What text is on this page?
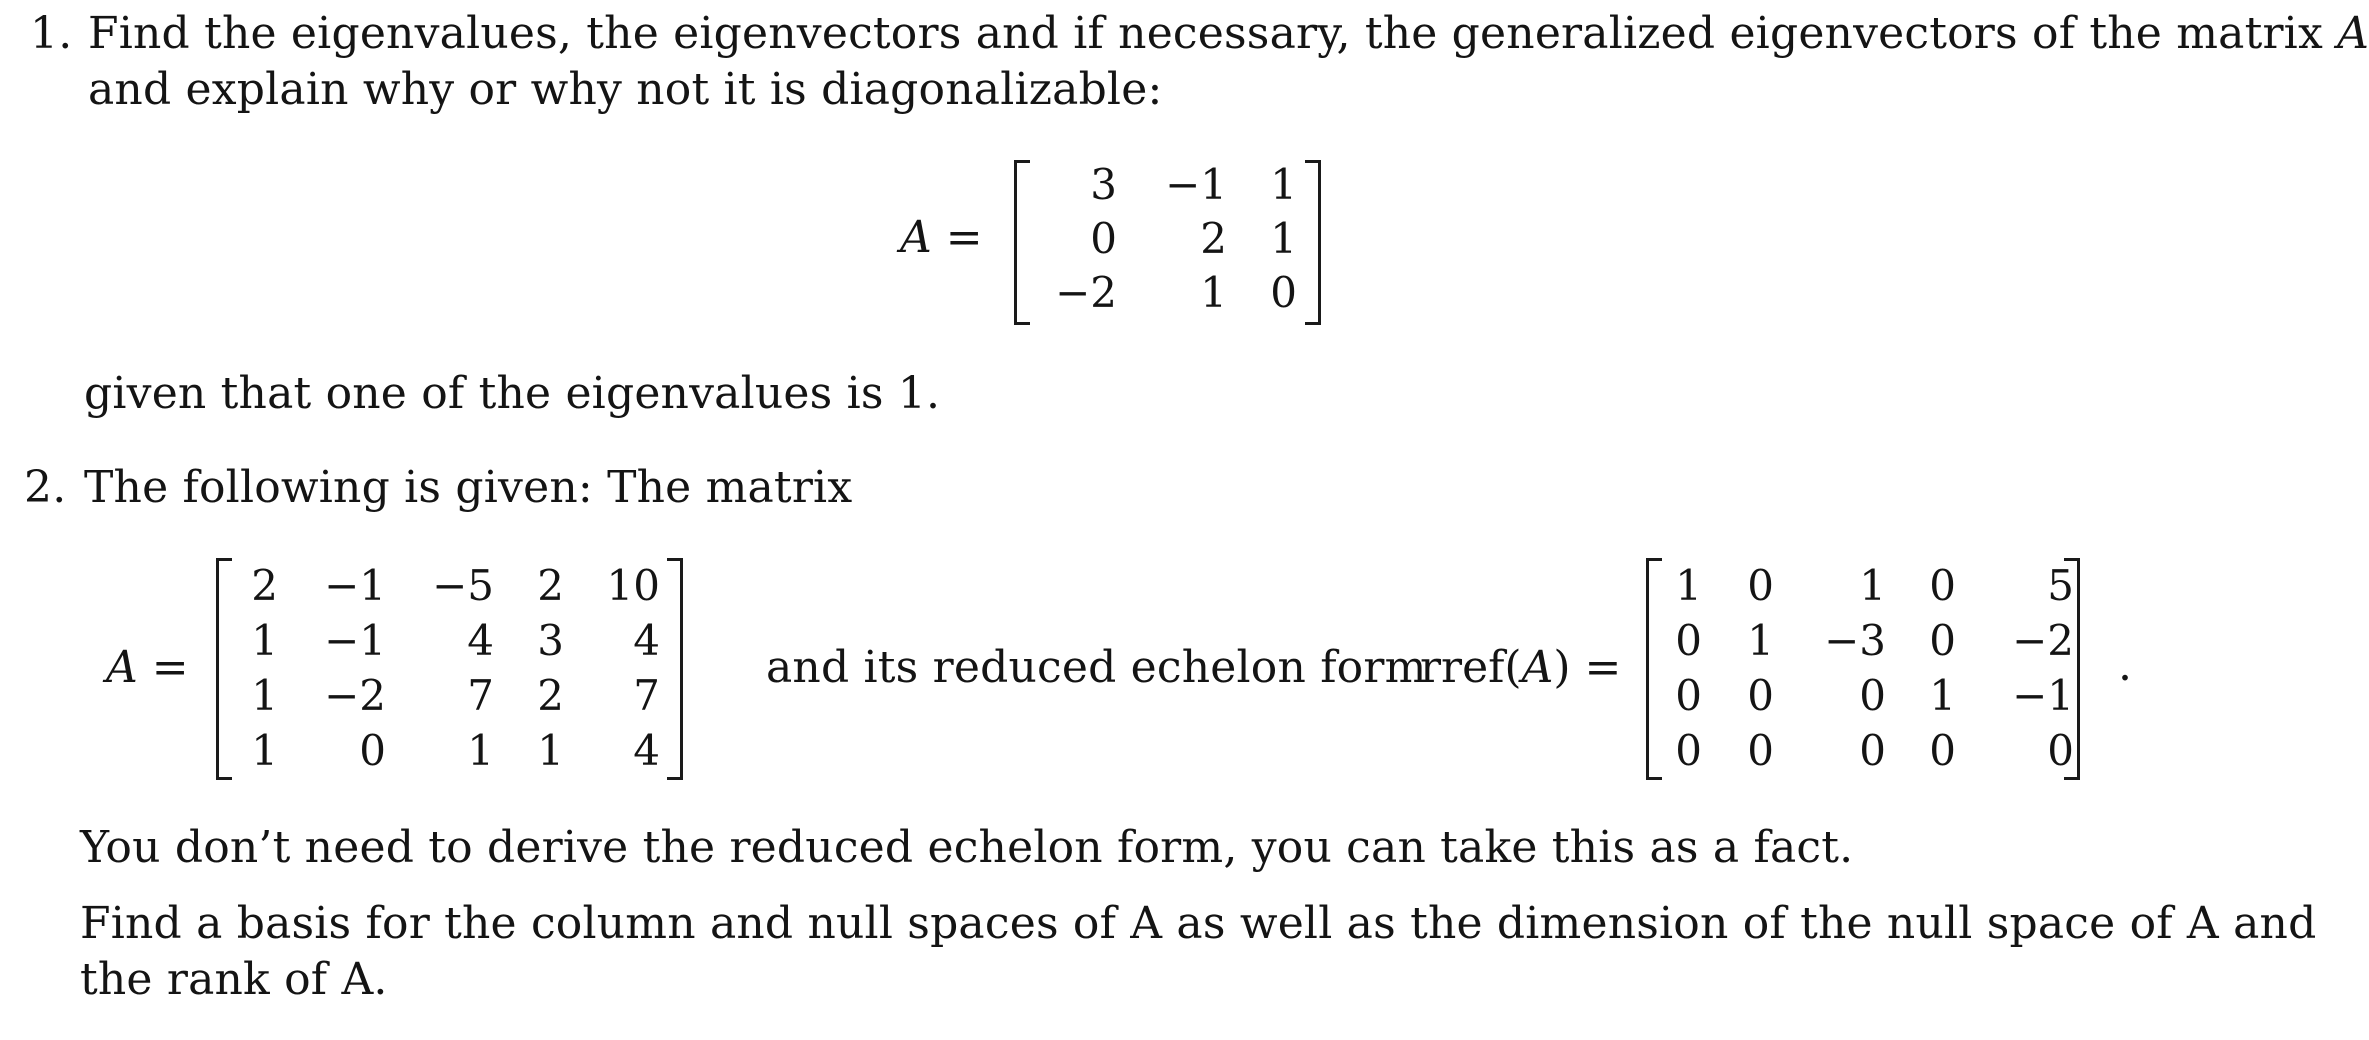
1. Find the eigenvalues, the eigenvectors and if necessary, the generalized eigenvectors of the matrix A
and explain why or why not it is diagonalizable:
A =
3	−1	1
0	2	1
−2	1	0
given that one of the eigenvalues is 1.
2. The following is given: The matrix
A =
2	−1	−5	2	10
1	−1	4	3	4
1	−2	7	2	7
1	0	1	1	4
and its reduced echelon form
rref(A) =
1	0	1	0	5
0	1	−3	0	−2
0	0	0	1	−1
0	0	0	0	0
.
You don’t need to derive the reduced echelon form, you can take this as a fact.
Find a basis for the column and null spaces of A as well as the dimension of the null space of A and
the rank of A.
